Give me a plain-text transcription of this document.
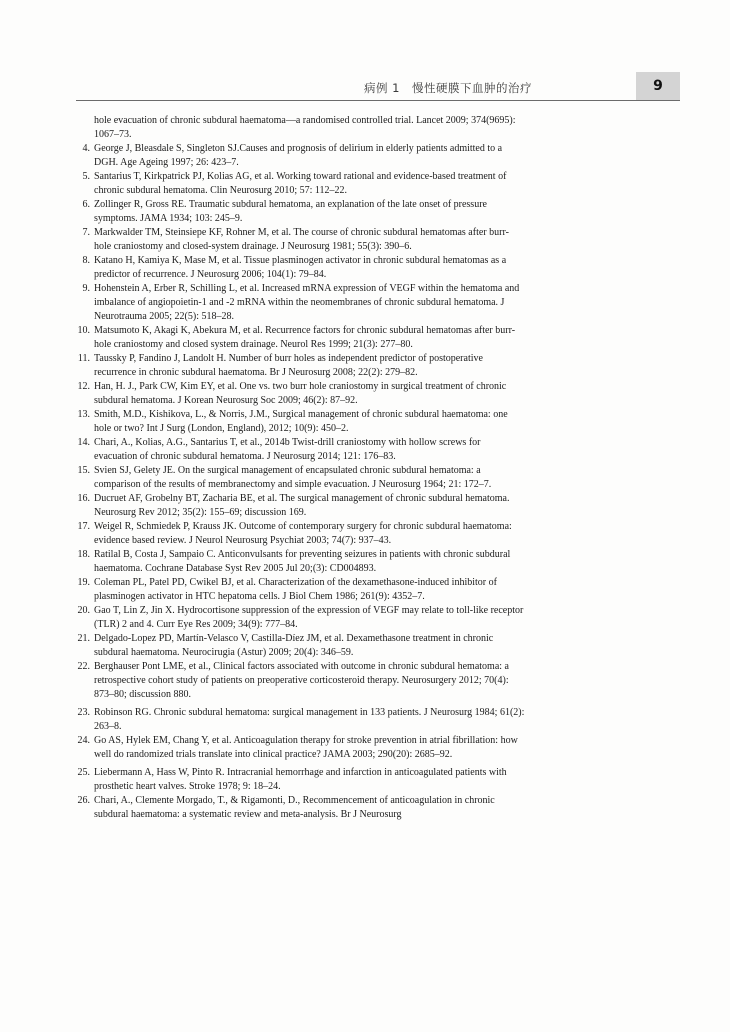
病例 1　慢性硬膜下血肿的治疗	9
hole evacuation of chronic subdural haematoma—a randomised controlled trial. Lancet 2009; 374(9695): 1067–73.
4. George J, Bleasdale S, Singleton SJ.Causes and prognosis of delirium in elderly patients admitted to a DGH. Age Ageing 1997; 26: 423–7.
5. Santarius T, Kirkpatrick PJ, Kolias AG, et al. Working toward rational and evidence-based treatment of chronic subdural hematoma. Clin Neurosurg 2010; 57: 112–22.
6. Zollinger R, Gross RE. Traumatic subdural hematoma, an explanation of the late onset of pressure symptoms. JAMA 1934; 103: 245–9.
7. Markwalder TM, Steinsiepe KF, Rohner M, et al. The course of chronic subdural hematomas after burr-hole craniostomy and closed-system drainage. J Neurosurg 1981; 55(3): 390–6.
8. Katano H, Kamiya K, Mase M, et al. Tissue plasminogen activator in chronic subdural hematomas as a predictor of recurrence. J Neurosurg 2006; 104(1): 79–84.
9. Hohenstein A, Erber R, Schilling L, et al. Increased mRNA expression of VEGF within the hematoma and imbalance of angiopoietin-1 and -2 mRNA within the neomembranes of chronic subdural hematoma. J Neurotrauma 2005; 22(5): 518–28.
10. Matsumoto K, Akagi K, Abekura M, et al. Recurrence factors for chronic subdural hematomas after burr-hole craniostomy and closed system drainage. Neurol Res 1999; 21(3): 277–80.
11. Taussky P, Fandino J, Landolt H. Number of burr holes as independent predictor of postoperative recurrence in chronic subdural haematoma. Br J Neurosurg 2008; 22(2): 279–82.
12. Han, H. J., Park CW, Kim EY, et al. One vs. two burr hole craniostomy in surgical treatment of chronic subdural hematoma. J Korean Neurosurg Soc 2009; 46(2): 87–92.
13. Smith, M.D., Kishikova, L., & Norris, J.M., Surgical management of chronic subdural haematoma: one hole or two? Int J Surg (London, England), 2012; 10(9): 450–2.
14. Chari, A., Kolias, A.G., Santarius T, et al., 2014b Twist-drill craniostomy with hollow screws for evacuation of chronic subdural hematoma. J Neurosurg 2014; 121: 176–83.
15. Svien SJ, Gelety JE. On the surgical management of encapsulated chronic subdural hematoma: a comparison of the results of membranectomy and simple evacuation. J Neurosurg 1964; 21: 172–7.
16. Ducruet AF, Grobelny BT, Zacharia BE, et al. The surgical management of chronic subdural hematoma. Neurosurg Rev 2012; 35(2): 155–69; discussion 169.
17. Weigel R, Schmiedek P, Krauss JK. Outcome of contemporary surgery for chronic subdural haematoma: evidence based review. J Neurol Neurosurg Psychiat 2003; 74(7): 937–43.
18. Ratilal B, Costa J, Sampaio C. Anticonvulsants for preventing seizures in patients with chronic subdural haematoma. Cochrane Database Syst Rev 2005 Jul 20;(3): CD004893.
19. Coleman PL, Patel PD, Cwikel BJ, et al. Characterization of the dexamethasone-induced inhibitor of plasminogen activator in HTC hepatoma cells. J Biol Chem 1986; 261(9): 4352–7.
20. Gao T, Lin Z, Jin X. Hydrocortisone suppression of the expression of VEGF may relate to toll-like receptor (TLR) 2 and 4. Curr Eye Res 2009; 34(9): 777–84.
21. Delgado-Lopez PD, Martín-Velasco V, Castilla-Díez JM, et al. Dexamethasone treatment in chronic subdural haematoma. Neurocirugia (Astur) 2009; 20(4): 346–59.
22. Berghauser Pont LME, et al., Clinical factors associated with outcome in chronic subdural hematoma: a retrospective cohort study of patients on preoperative corticosteroid therapy. Neurosurgery 2012; 70(4): 873–80; discussion 880.
23. Robinson RG. Chronic subdural hematoma: surgical management in 133 patients. J Neurosurg 1984; 61(2): 263–8.
24. Go AS, Hylek EM, Chang Y, et al. Anticoagulation therapy for stroke prevention in atrial fibrillation: how well do randomized trials translate into clinical practice? JAMA 2003; 290(20): 2685–92.
25. Liebermann A, Hass W, Pinto R. Intracranial hemorrhage and infarction in anticoagulated patients with prosthetic heart valves. Stroke 1978; 9: 18–24.
26. Chari, A., Clemente Morgado, T., & Rigamonti, D., Recommencement of anticoagulation in chronic subdural haematoma: a systematic review and meta-analysis. Br J Neurosurg
